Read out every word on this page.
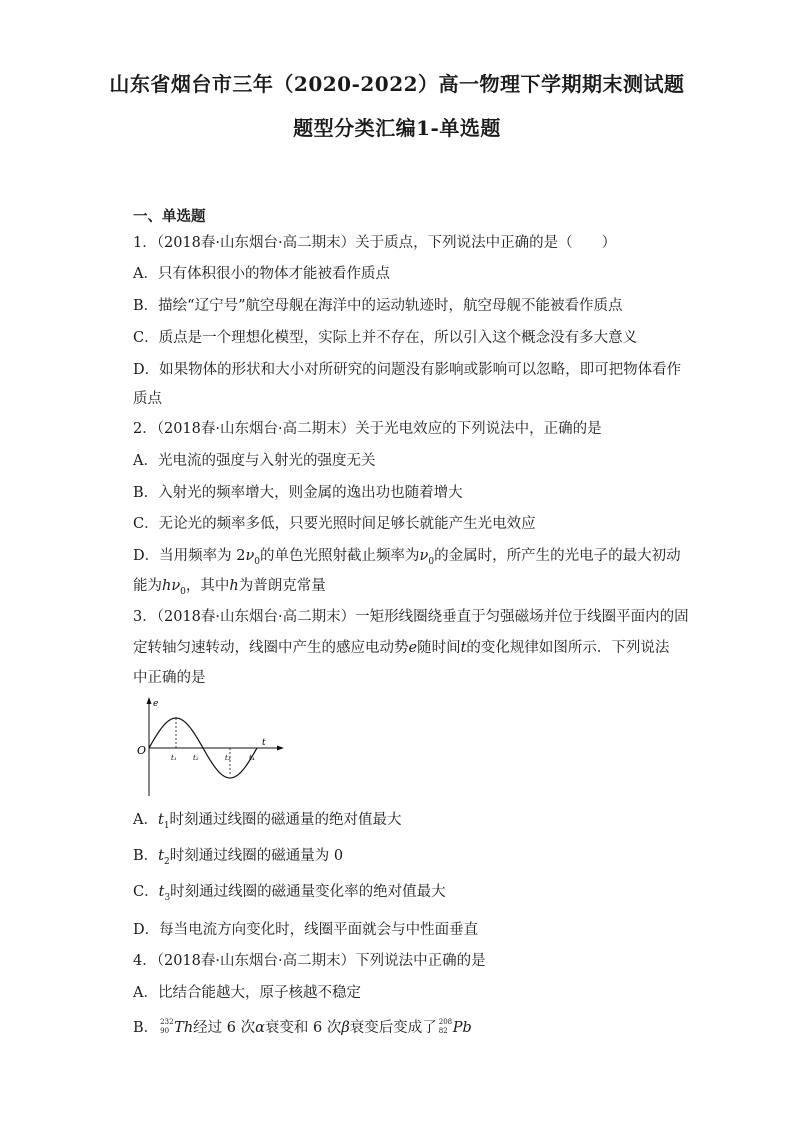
山东省烟台市三年（2020-2022）高一物理下学期期末测试题
题型分类汇编1-单选题
一、单选题
1．（2018春·山东烟台·高二期末）关于质点，下列说法中正确的是（　　）
A．只有体积很小的物体才能被看作质点
B．描绘“辽宁号”航空母舰在海洋中的运动轨迹时，航空母舰不能被看作质点
C．质点是一个理想化模型，实际上并不存在，所以引入这个概念没有多大意义
D．如果物体的形状和大小对所研究的问题没有影响或影响可以忽略，即可把物体看作
质点
2．（2018春·山东烟台·高二期末）关于光电效应的下列说法中，正确的是
A．光电流的强度与入射光的强度无关
B．入射光的频率增大，则金属的逸出功也随着增大
C．无论光的频率多低，只要光照时间足够长就能产生光电效应
D．当用频率为 $2\nu_0$的单色光照射截止频率为$\nu_0$的金属时，所产生的光电子的最大初动
能为$h\nu_0$，其中h为普朗克常量
3．（2018春·山东烟台·高二期末）一矩形线圈绕垂直于匀强磁场并位于线圈平面内的固
定转轴匀速转动，线圈中产生的感应电动势e随时间t的变化规律如图所示．下列说法
中正确的是
e
t
O
t₁ t₂	t₃	t₄
A．$t_1$时刻通过线圈的磁通量的绝对值最大
B．$t_2$时刻通过线圈的磁通量为 0
C．$t_3$时刻通过线圈的磁通量变化率的绝对值最大
D．每当电流方向变化时，线圈平面就会与中性面垂直
4．（2018春·山东烟台·高二期末）下列说法中正确的是
A．比结合能越大，原子核越不稳定
B． 232
90 Th经过 6 次α衰变和 6 次β衰变后变成了 208
82 Pb
